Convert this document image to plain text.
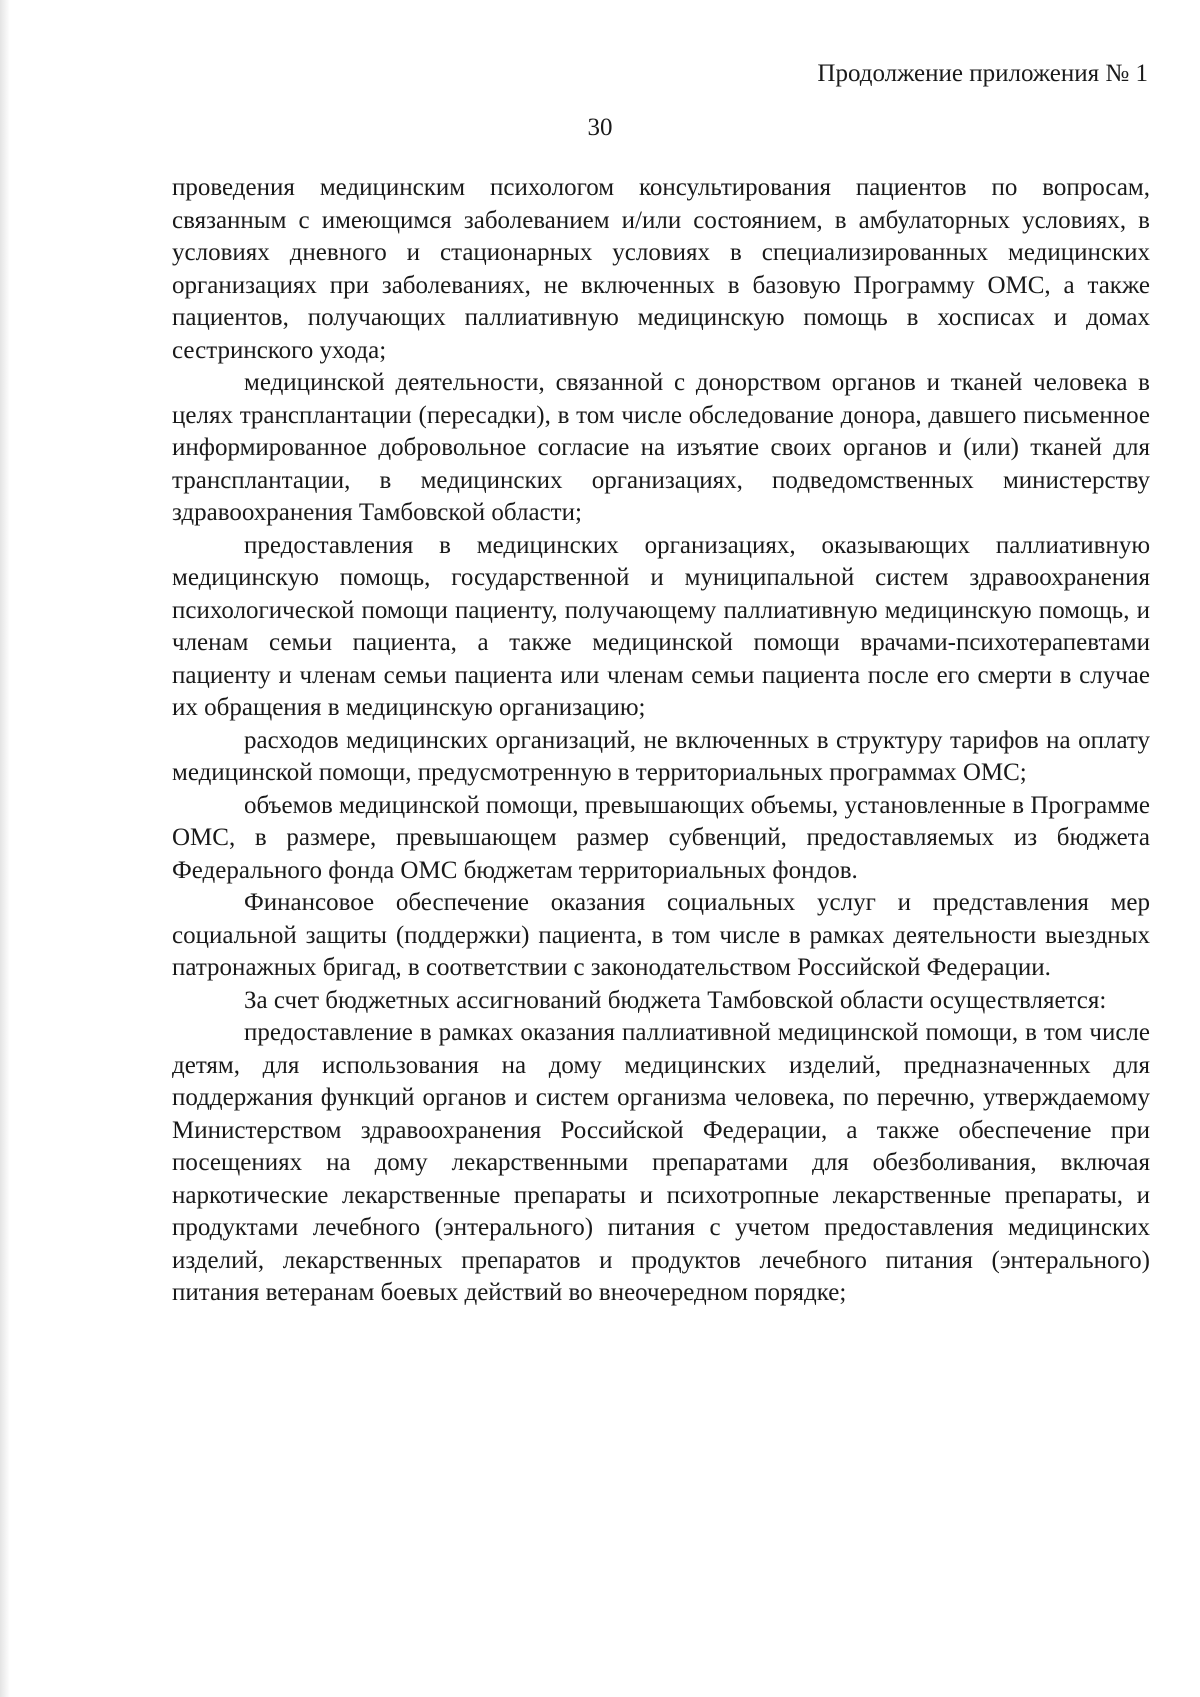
Продолжение приложения № 1
30

проведения медицинским психологом консультирования пациентов по вопросам, связанным с имеющимся заболеванием и/или состоянием, в амбулаторных условиях, в условиях дневного и стационарных условиях в специализированных медицинских организациях при заболеваниях, не включенных в базовую Программу ОМС, а также пациентов, получающих паллиативную медицинскую помощь в хосписах и домах сестринского ухода;

медицинской деятельности, связанной с донорством органов и тканей человека в целях трансплантации (пересадки), в том числе обследование донора, давшего письменное информированное добровольное согласие на изъятие своих органов и (или) тканей для трансплантации, в медицинских организациях, подведомственных министерству здравоохранения Тамбовской области;

предоставления в медицинских организациях, оказывающих паллиативную медицинскую помощь, государственной и муниципальной систем здравоохранения психологической помощи пациенту, получающему паллиативную медицинскую помощь, и членам семьи пациента, а также медицинской помощи врачами-психотерапевтами пациенту и членам семьи пациента или членам семьи пациента после его смерти в случае их обращения в медицинскую организацию;

расходов медицинских организаций, не включенных в структуру тарифов на оплату медицинской помощи, предусмотренную в территориальных программах ОМС;

объемов медицинской помощи, превышающих объемы, установленные в Программе ОМС, в размере, превышающем размер субвенций, предоставляемых из бюджета Федерального фонда ОМС бюджетам территориальных фондов.

Финансовое обеспечение оказания социальных услуг и представления мер социальной защиты (поддержки) пациента, в том числе в рамках деятельности выездных патронажных бригад, в соответствии с законодательством Российской Федерации.

За счет бюджетных ассигнований бюджета Тамбовской области осуществляется:

предоставление в рамках оказания паллиативной медицинской помощи, в том числе детям, для использования на дому медицинских изделий, предназначенных для поддержания функций органов и систем организма человека, по перечню, утверждаемому Министерством здравоохранения Российской Федерации, а также обеспечение при посещениях на дому лекарственными препаратами для обезболивания, включая наркотические лекарственные препараты и психотропные лекарственные препараты, и продуктами лечебного (энтерального) питания с учетом предоставления медицинских изделий, лекарственных препаратов и продуктов лечебного питания (энтерального) питания ветеранам боевых действий во внеочередном порядке;
